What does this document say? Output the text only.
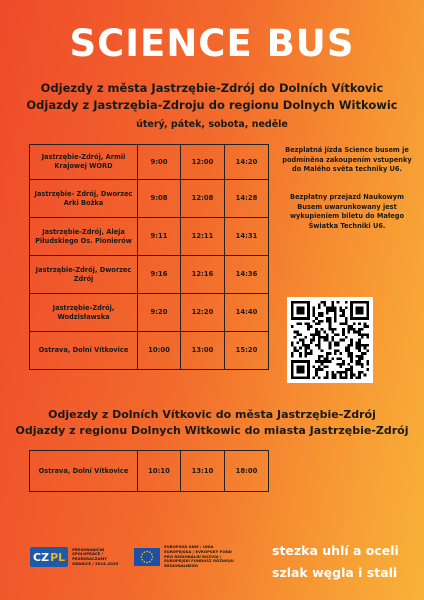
SCIENCE BUS
Odjezdy z města Jastrzębie-Zdrój do Dolních Vítkovic
Odjazdy z Jastrzębia-Zdroju do regionu Dolnych Witkowic
úterý, pátek, sobota, neděle
Jastrzębie-Zdrój, Armii Krajowej WORD	9:00	12:00	14:20
Jastrzębie- Zdrój, Dworzec Arki Bożka	9:08	12:08	14:28
Jastrzębie-Zdrój, Aleja Piłudskiego Os. Pionierów	9:11	12:11	14:31
Jastrzębie-Zdrój, Dworzec Zdrój	9:16	12:16	14:36
Jastrzębie-Zdrój, Wodzisławska	9:20	12:20	14:40
Ostrava, Dolní Vítkovice	10:00	13:00	15:20
Bezplatná jízda Science busem je podmíněna zakoupením vstupenky do Malého světa techniky U6.
Bezpłatny przejazd Naukowym Busem uwarunkowany jest wykupieniem biletu do Małego Światka Techniki U6.
Odjezdy z Dolních Vítkovic do města Jastrzębie-Zdrój
Odjazdy z regionu Dolnych Witkowic do miasta Jastrzębie-Zdrój
Ostrava, Dolní Vítkovice	10:10	13:10	18:00
CZ PL
PŘESHRANIČNÍ SPOLUPRÁCE / PRZEKRACZAMY GRANICE / 2014–2020
EVROPSKÁ UNIE / UNIA EUROPEJSKA / EVROPSKÝ FOND PRO REGIONÁLNÍ ROZVOJ / EUROPEJSKI FUNDUSZ ROZWOJU REGIONALNEGO
stezka uhlí a oceli
szlak węgla i stali
